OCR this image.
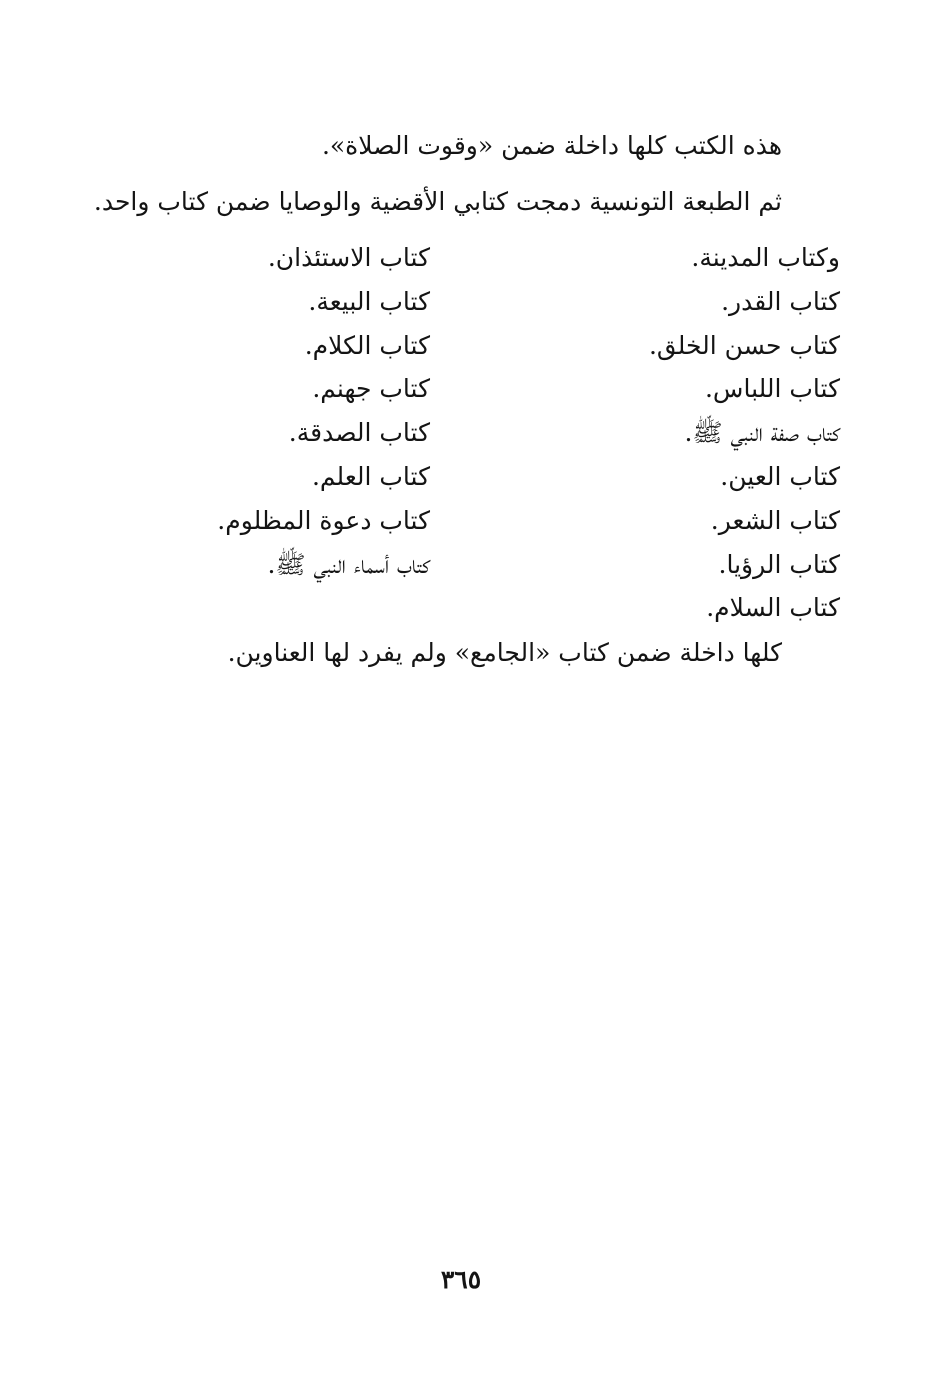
هذه الكتب كلها داخلة ضمن «وقوت الصلاة».
ثم الطبعة التونسية دمجت كتابي الأقضية والوصايا ضمن كتاب واحد.
وكتاب المدينة.
كتاب القدر.
كتاب حسن الخلق.
كتاب اللباس.
كتاب صفة النبي ﷺ.
كتاب العين.
كتاب الشعر.
كتاب الرؤيا.
كتاب السلام.
كتاب الاستئذان.
كتاب البيعة.
كتاب الكلام.
كتاب جهنم.
كتاب الصدقة.
كتاب العلم.
كتاب دعوة المظلوم.
كتاب أسماء النبي ﷺ.
كلها داخلة ضمن كتاب «الجامع» ولم يفرد لها العناوين.
٣٦٥
